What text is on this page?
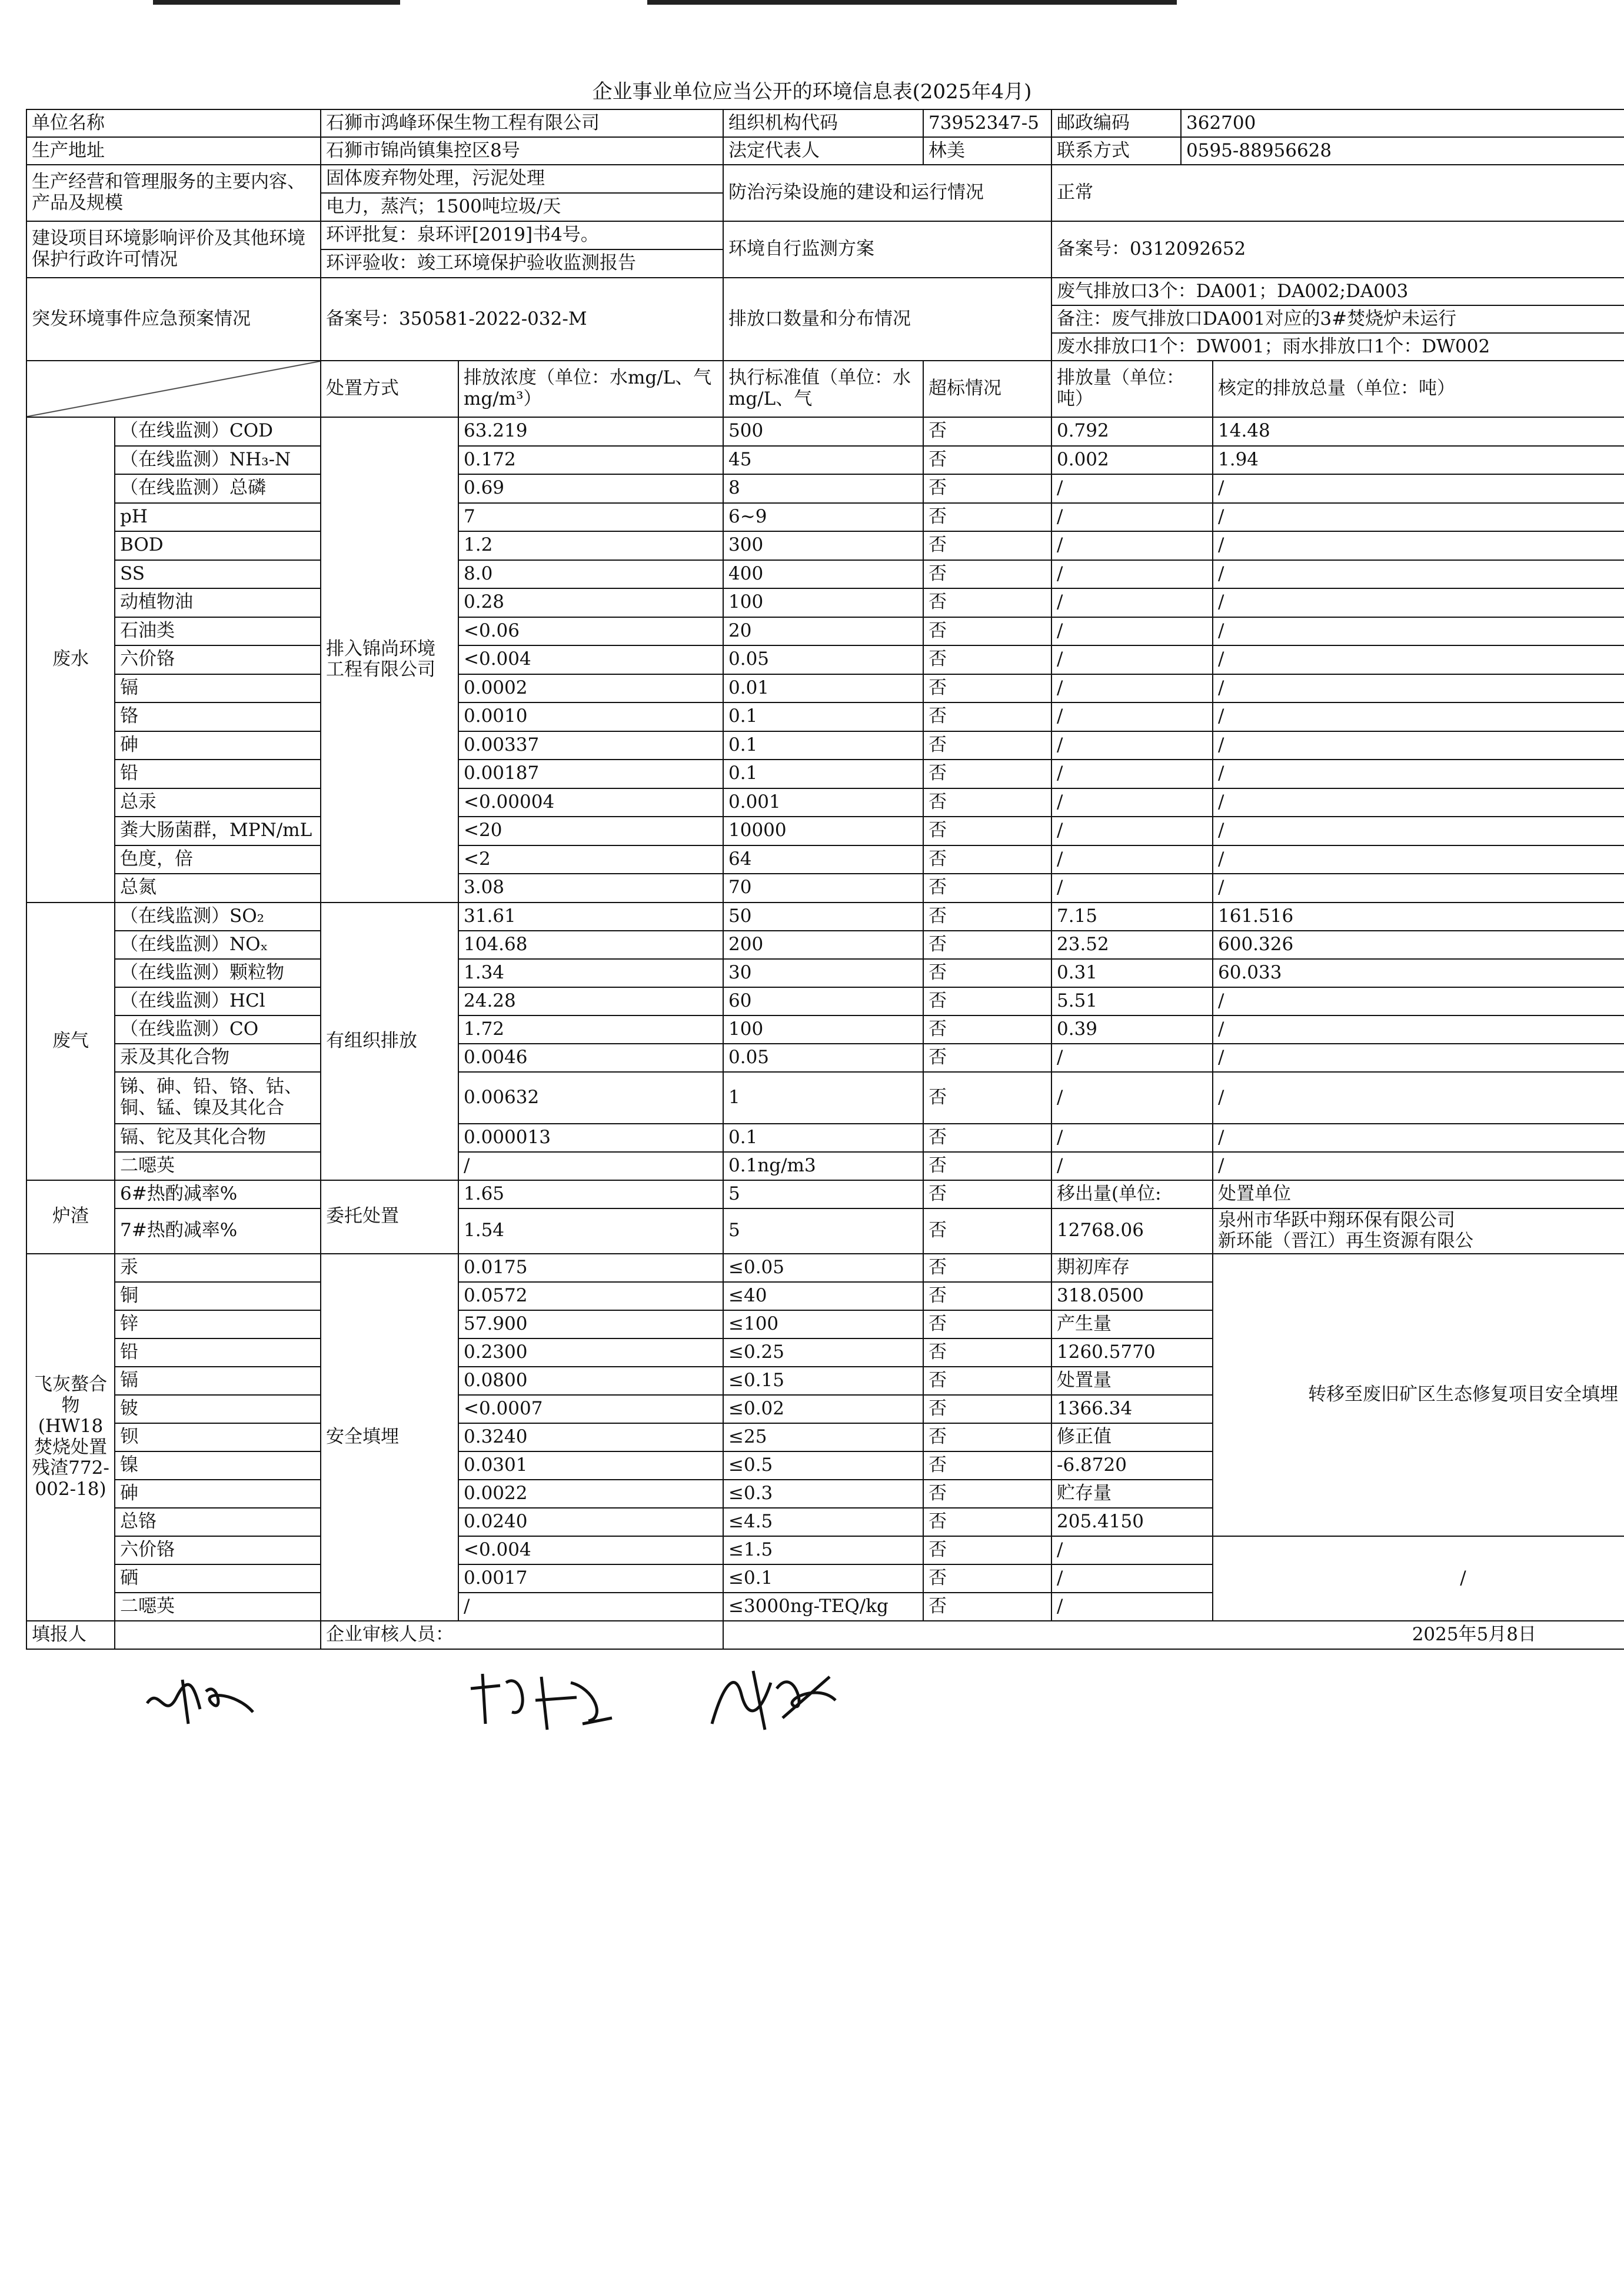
企业事业单位应当公开的环境信息表(2025年4月)
单位名称		石狮市鸿峰环保生物工程有限公司		组织机构代码	73952347-5	邮政编码	362700	
生产地址		石狮市锦尚镇集控区8号		法定代表人	林美	联系方式	0595-88956628	
生产经营和管理服务的主要内容、产品及规模		固体废弃物处理，污泥处理		防治污染设施的建设和运行情况		正常		
		电力，蒸汽；1500吨垃圾/天						
建设项目环境影响评价及其他环境保护行政许可情况		环评批复：泉环评[2019]书4号。		环境自行监测方案		备案号：0312092652		
		环评验收：竣工环境保护验收监测报告						
突发环境事件应急预案情况		备案号：350581-2022-032-M		排放口数量和分布情况		废气排放口3个：DA001；DA002;DA003		
						备注：废气排放口DA001对应的3#焚烧炉未运行		
						废水排放口1个：DW001；雨水排放口1个：DW002		
		处置方式	排放浓度（单位：水mg/L、气mg/m³）	执行标准值（单位：水mg/L、气	超标情况	排放量（单位：吨）		核定的排放总量（单位：吨）
废水	（在线监测）COD	排入锦尚环境工程有限公司	63.219	500	否	0.792		14.48
	（在线监测）NH₃-N		0.172	45	否	0.002		1.94
	（在线监测）总磷		0.69	8	否	/		/
	pH		7	6~9	否	/		/
	BOD		1.2	300	否	/		/
	SS		8.0	400	否	/		/
	动植物油		0.28	100	否	/		/
	石油类		<0.06	20	否	/		/
	六价铬		<0.004	0.05	否	/		/
	镉		0.0002	0.01	否	/		/
	铬		0.0010	0.1	否	/		/
	砷		0.00337	0.1	否	/		/
	铅		0.00187	0.1	否	/		/
	总汞		<0.00004	0.001	否	/		/
	粪大肠菌群，MPN/mL		<20	10000	否	/		/
	色度，倍		<2	64	否	/		/
	总氮		3.08	70	否	/		/
废气	（在线监测）SO₂	有组织排放	31.61	50	否	7.15		161.516
	（在线监测）NOₓ		104.68	200	否	23.52		600.326
	（在线监测）颗粒物		1.34	30	否	0.31		60.033
	（在线监测）HCl		24.28	60	否	5.51		/
	（在线监测）CO		1.72	100	否	0.39		/
	汞及其化合物		0.0046	0.05	否	/		/
	锑、砷、铅、铬、钴、铜、锰、镍及其化合		0.00632	1	否	/		/
	镉、铊及其化合物		0.000013	0.1	否	/		/
	二噁英		/	0.1ng/m3	否	/		/
炉渣	6#热酌减率%	委托处置	1.65	5	否	移出量(单位:		处置单位
	7#热酌减率%		1.54	5	否	12768.06		泉州市华跃中翔环保有限公司
新环能（晋江）再生资源有限公

飞灰螯合物(HW18焚烧处置残渣772-002-18)	汞	安全填埋	0.0175	≤0.05	否	期初库存		转移至废旧矿区生态修复项目安全填埋
	铜		0.0572	≤40	否	318.0500		
	锌		57.900	≤100	否	产生量		
	铅		0.2300	≤0.25	否	1260.5770		
	镉		0.0800	≤0.15	否	处置量		
	铍		<0.0007	≤0.02	否	1366.34		
	钡		0.3240	≤25	否	修正值		
	镍		0.0301	≤0.5	否	-6.8720		
	砷		0.0022	≤0.3	否	贮存量		
	总铬		0.0240	≤4.5	否	205.4150		
	六价铬		<0.004	≤1.5	否	/		/
	硒		0.0017	≤0.1	否	/		
	二噁英		/	≤3000ng-TEQ/kg	否	/		
填报人		企业审核人员：		2025年5月8日				
